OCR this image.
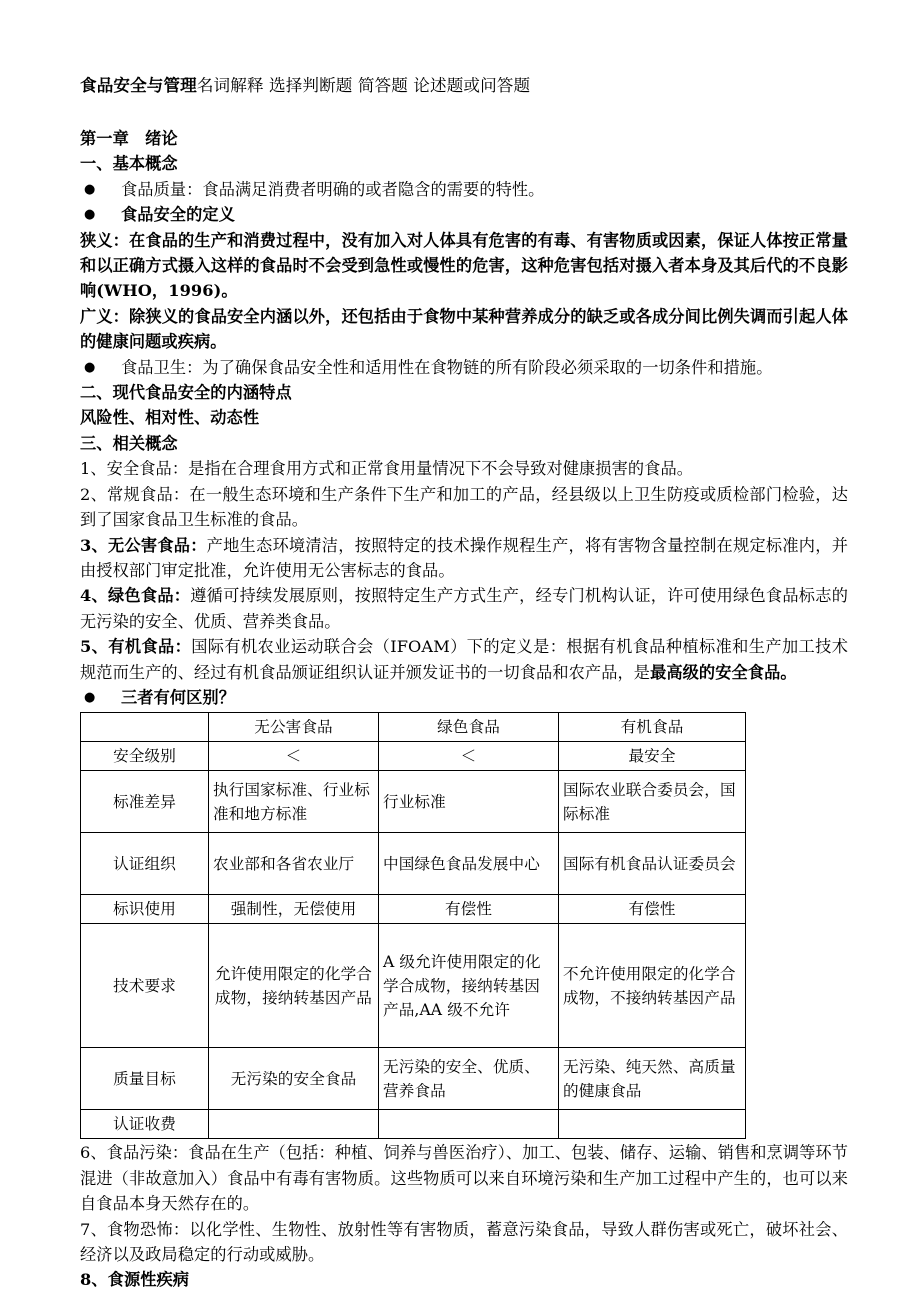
食品安全与管理名词解释 选择判断题 简答题 论述题或问答题
第一章　绪论
一、基本概念
● 食品质量：食品满足消费者明确的或者隐含的需要的特性。
● 食品安全的定义
狭义：在食品的生产和消费过程中，没有加入对人体具有危害的有毒、有害物质或因素，保证人体按正常量和以正确方式摄入这样的食品时不会受到急性或慢性的危害，这种危害包括对摄入者本身及其后代的不良影响(WHO，1996)。
广义：除狭义的食品安全内涵以外，还包括由于食物中某种营养成分的缺乏或各成分间比例失调而引起人体的健康问题或疾病。
● 食品卫生：为了确保食品安全性和适用性在食物链的所有阶段必须采取的一切条件和措施。
二、现代食品安全的内涵特点
风险性、相对性、动态性
三、相关概念
1、安全食品：是指在合理食用方式和正常食用量情况下不会导致对健康损害的食品。
2、常规食品：在一般生态环境和生产条件下生产和加工的产品，经县级以上卫生防疫或质检部门检验，达到了国家食品卫生标准的食品。
3、无公害食品：产地生态环境清洁，按照特定的技术操作规程生产，将有害物含量控制在规定标准内，并由授权部门审定批准，允许使用无公害标志的食品。
4、绿色食品：遵循可持续发展原则，按照特定生产方式生产，经专门机构认证，许可使用绿色食品标志的无污染的安全、优质、营养类食品。
5、有机食品：国际有机农业运动联合会（IFOAM）下的定义是：根据有机食品种植标准和生产加工技术规范而生产的、经过有机食品颁证组织认证并颁发证书的一切食品和农产品，是最高级的安全食品。
● 三者有何区别？
	无公害食品	绿色食品	有机食品
安全级别	＜	＜	最安全
标准差异	执行国家标准、行业标准和地方标准	行业标准	国际农业联合委员会，国际标准
认证组织	农业部和各省农业厅	中国绿色食品发展中心	国际有机食品认证委员会
标识使用	强制性，无偿使用	有偿性	有偿性
技术要求	允许使用限定的化学合成物，接纳转基因产品	A 级允许使用限定的化学合成物，接纳转基因产品,AA 级不允许	不允许使用限定的化学合成物，不接纳转基因产品
质量目标	无污染的安全食品	无污染的安全、优质、营养食品	无污染、纯天然、高质量的健康食品
认证收费			
6、食品污染：食品在生产（包括：种植、饲养与兽医治疗）、加工、包装、储存、运输、销售和烹调等环节混进（非故意加入）食品中有毒有害物质。这些物质可以来自环境污染和生产加工过程中产生的，也可以来自食品本身天然存在的。
7、食物恐怖：以化学性、生物性、放射性等有害物质，蓄意污染食品，导致人群伤害或死亡，破坏社会、经济以及政局稳定的行动或威胁。
8、食源性疾病
